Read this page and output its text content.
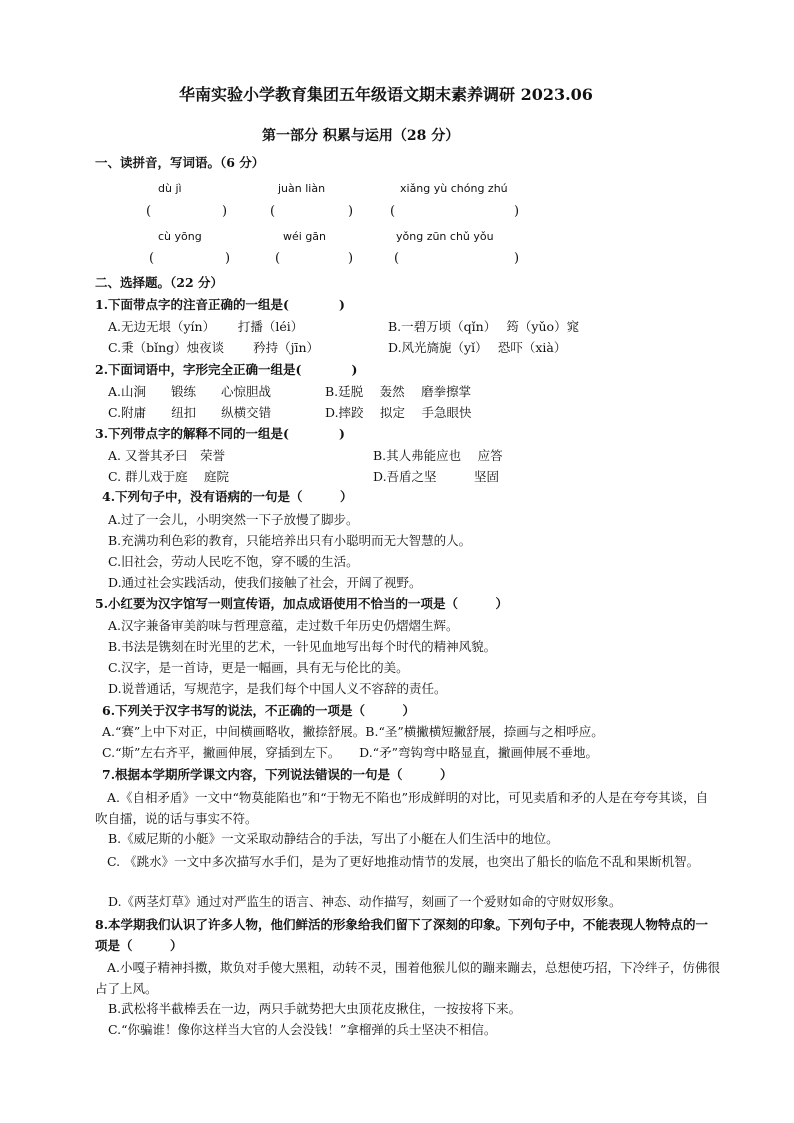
华南实验小学教育集团五年级语文期末素养调研 2023.06
第一部分 积累与运用（28 分）
一、读拼音，写词语。（6 分）
dù jì	juàn liàn	xiǎng yù chóng zhú
(	)	(	)	(	)
cù yōng	wéi gān	yǒng zūn chǔ yǒu
(	)	(	)	(	)
二、选择题。（22 分）
1.下面带点字的注音正确的一组是(　　　　)
A.无边无垠（yín）　　 打播（léi）	B.一碧万顷（qǐn）　 筠（yǔo）窕
C.秉（bǐng）烛夜谈　　 矜持（jīn）	D.风光旖旎（yǐ）　 恐吓（xià）
2.下面词语中，字形完全正确一组是(　　　　)
A.山涧　　锻练　　心惊胆战	B.廷脱　 轰然　 磨拳擦掌
C.附庸　　纽扣　　纵横交错	D.摔跤　 拟定　 手急眼快
3.下列带点字的解释不同的一组是(　　　　)
A. 又誉其矛曰　荣誉	B.其人弗能应也　 应答
C. 群儿戏于庭　 庭院	D.吾盾之坚　　　坚固
4.下列句子中，没有语病的一句是（　　　）
A.过了一会儿，小明突然一下子放慢了脚步。
B.充满功利色彩的教育，只能培养出只有小聪明而无大智慧的人。
C.旧社会，劳动人民吃不饱，穿不暖的生活。
D.通过社会实践活动，使我们接触了社会，开阔了视野。
5.小红要为汉字馆写一则宣传语，加点成语使用不恰当的一项是（　　　）
A.汉字兼备审美韵味与哲理意蕴，走过数千年历史仍熠熠生辉。
B.书法是镌刻在时光里的艺术，一针见血地写出每个时代的精神风貌。
C.汉字，是一首诗，更是一幅画，具有无与伦比的美。
D.说普通话，写规范字，是我们每个中国人义不容辞的责任。
6.下列关于汉字书写的说法，不正确的一项是（　　　）
A.“赛”上中下对正，中间横画略收，撇捺舒展。B.“圣”横撇横短撇舒展，捺画与之相呼应。
C.“斯”左右齐平，撇画伸展，穿插到左下。　　D.“矛”弯钩弯中略显直，撇画伸展不垂地。
7.根据本学期所学课文内容，下列说法错误的一句是（　　　）
A.《自相矛盾》一文中“物莫能陷也”和“于物无不陷也”形成鲜明的对比，可见卖盾和矛的人是在夸夸其谈，自吹自擂，说的话与事实不符。
B.《威尼斯的小艇》一文采取动静结合的手法，写出了小艇在人们生活中的地位。
C. 《跳水》一文中多次描写水手们，是为了更好地推动情节的发展，也突出了船长的临危不乱和果断机智。
D.《两茎灯草》通过对严监生的语言、神态、动作描写，刻画了一个爱财如命的守财奴形象。
8.本学期我们认识了许多人物，他们鲜活的形象给我们留下了深刻的印象。下列句子中，不能表现人物特点的一项是（　　　）
A.小嘎子精神抖擞，欺负对手傻大黑粗，动转不灵，围着他猴儿似的蹦来蹦去，总想使巧招，下冷绊子，仿佛很占了上风。
B.武松将半截棒丢在一边，两只手就势把大虫顶花皮揪住，一按按将下来。
C.“你骗谁！像你这样当大官的人会没钱！”拿榴弹的兵士坚决不相信。
